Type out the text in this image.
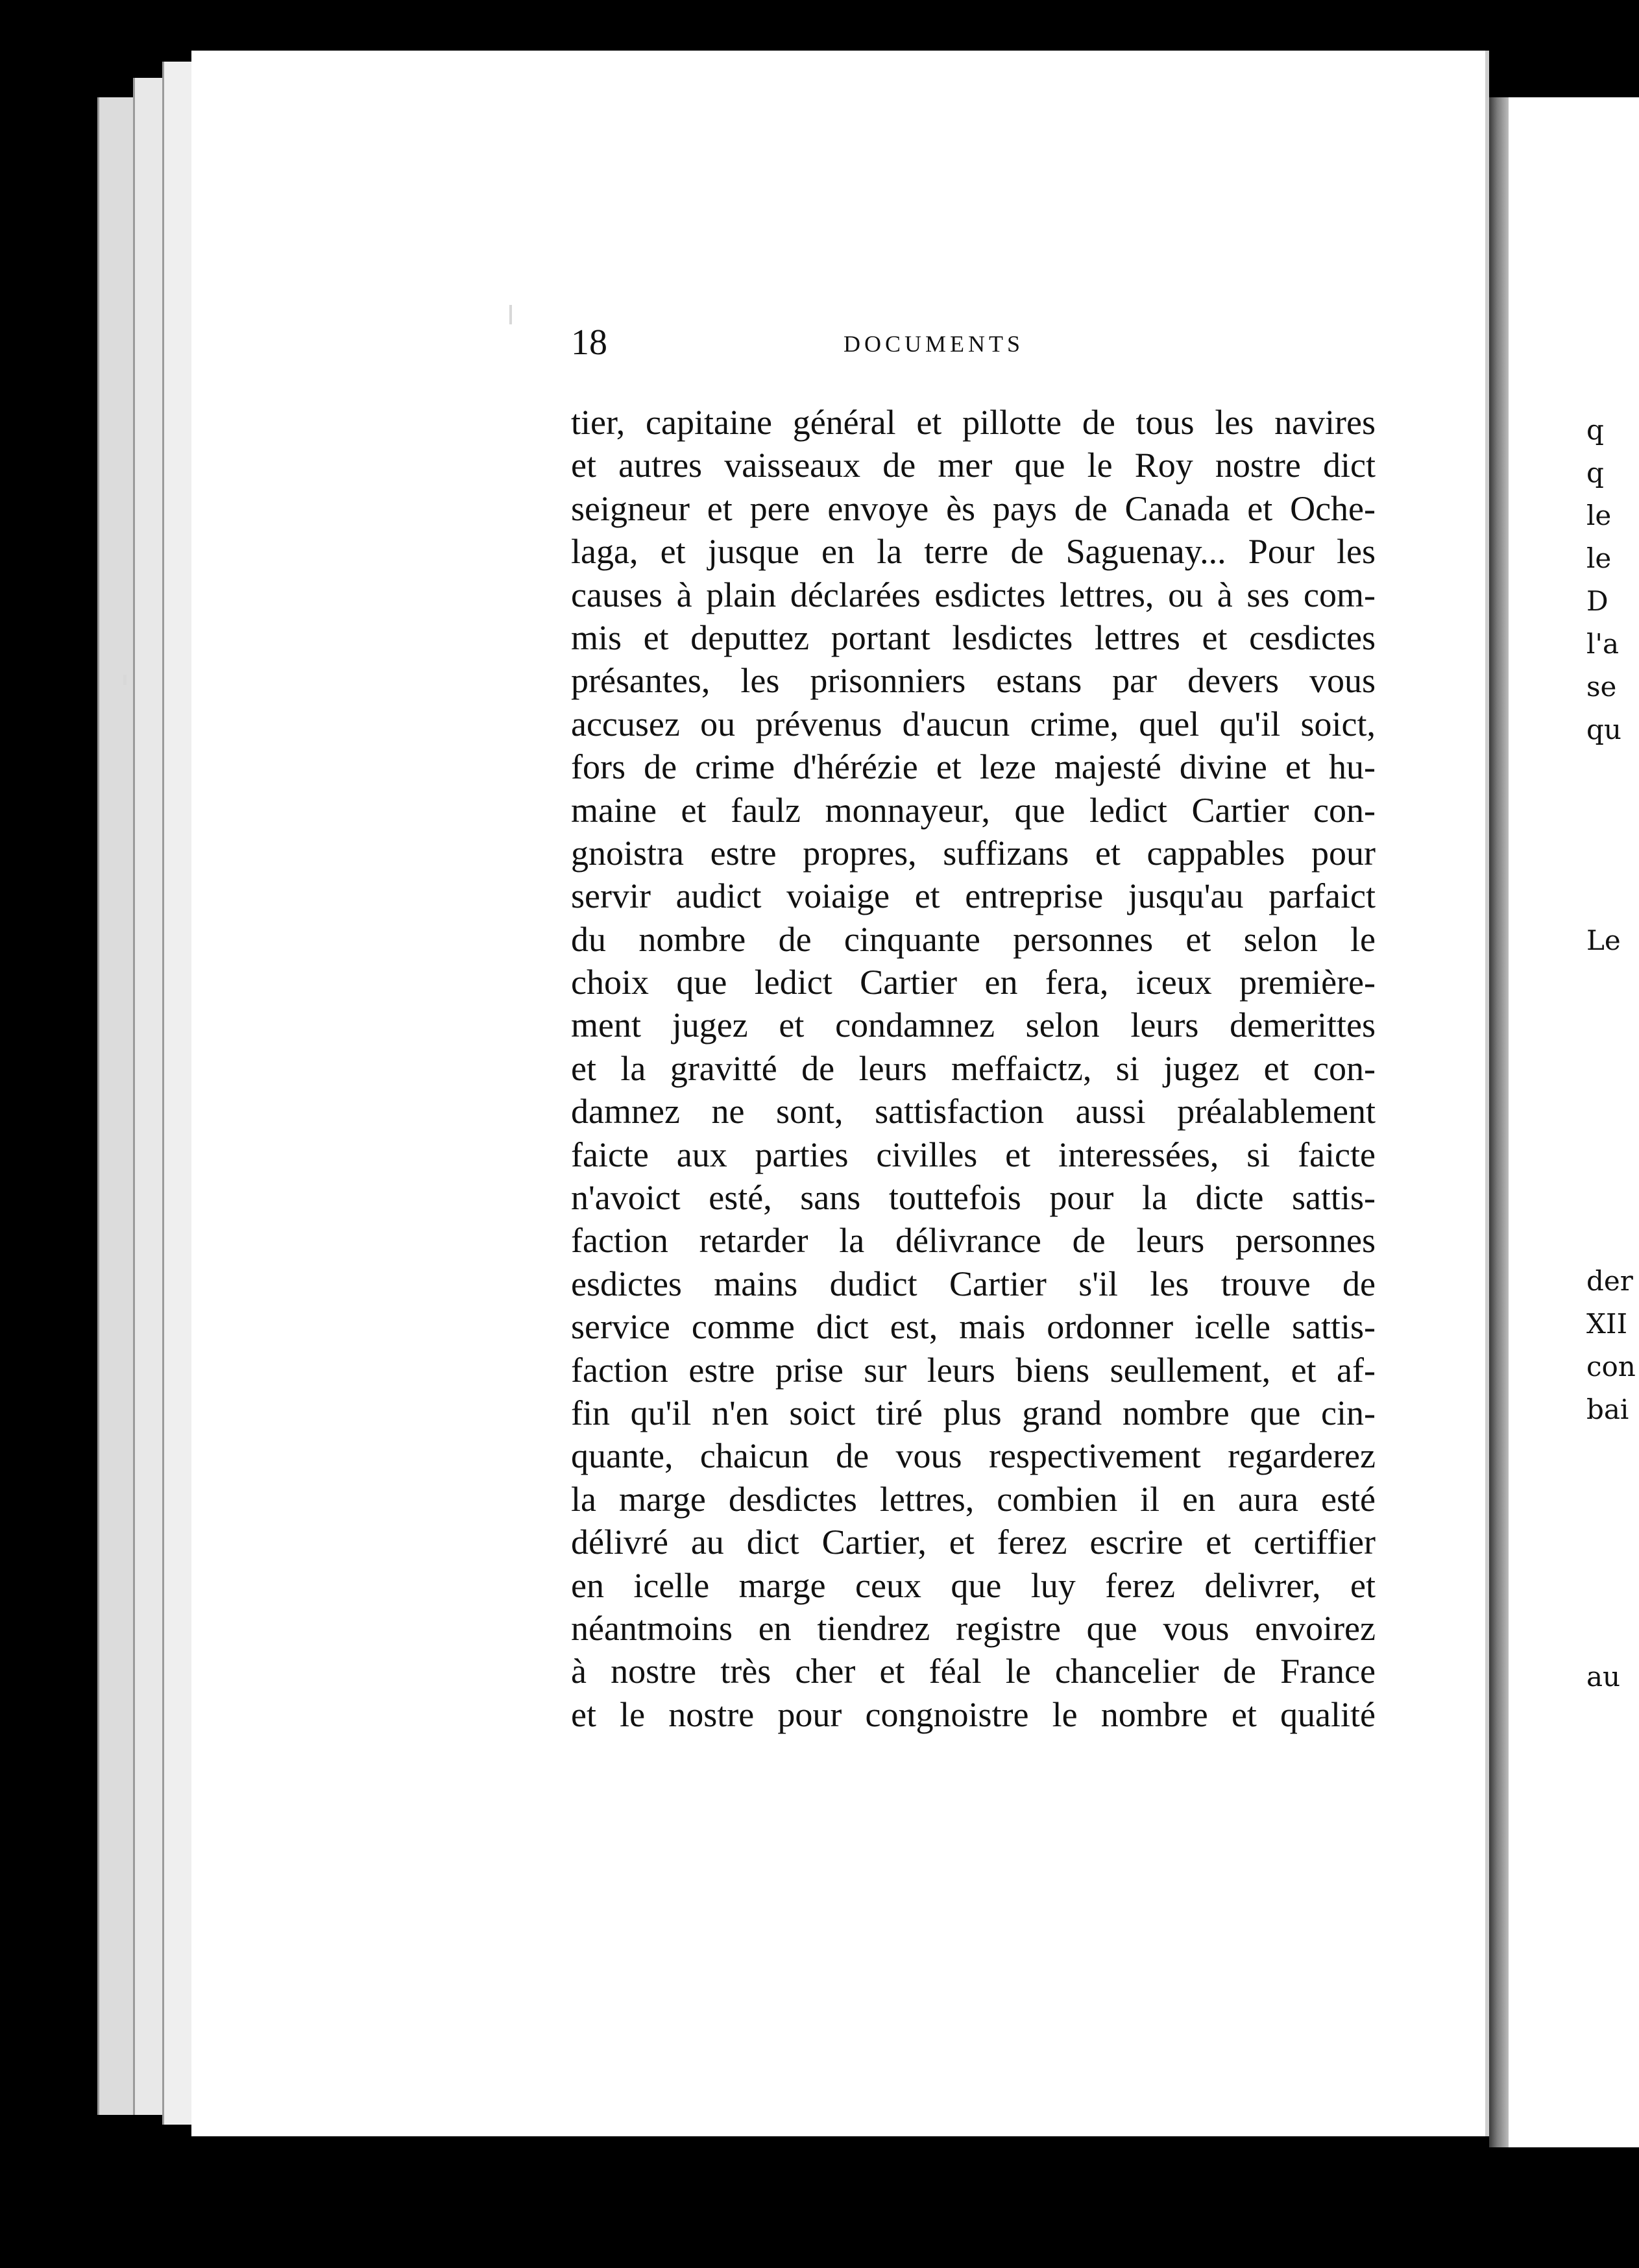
q
q
le
le
D
l'a
se
qu
Le
der
XII
con
bai
au
18	DOCUMENTS
tier, capitaine général et pillotte de tous les navires
et autres vaisseaux de mer que le Roy nostre dict
seigneur et pere envoye ès pays de Canada et Oche-
laga, et jusque en la terre de Saguenay... Pour les
causes à plain déclarées esdictes lettres, ou à ses com-
mis et deputtez portant lesdictes lettres et cesdictes
présantes, les prisonniers estans par devers vous
accusez ou prévenus d'aucun crime, quel qu'il soict,
fors de crime d'hérézie et leze majesté divine et hu-
maine et faulz monnayeur, que ledict Cartier con-
gnoistra estre propres, suffizans et cappables pour
servir audict voiaige et entreprise jusqu'au parfaict
du nombre de cinquante personnes et selon le
choix que ledict Cartier en fera, iceux première-
ment jugez et condamnez selon leurs demerittes
et la gravitté de leurs meffaictz, si jugez et con-
damnez ne sont, sattisfaction aussi préalablement
faicte aux parties civilles et interessées, si faicte
n'avoict esté, sans touttefois pour la dicte sattis-
faction retarder la délivrance de leurs personnes
esdictes mains dudict Cartier s'il les trouve de
service comme dict est, mais ordonner icelle sattis-
faction estre prise sur leurs biens seullement, et af-
fin qu'il n'en soict tiré plus grand nombre que cin-
quante, chaicun de vous respectivement regarderez
la marge desdictes lettres, combien il en aura esté
délivré au dict Cartier, et ferez escrire et certiffier
en icelle marge ceux que luy ferez delivrer, et
néantmoins en tiendrez registre que vous envoirez
à nostre très cher et féal le chancelier de France
et le nostre pour congnoistre le nombre et qualité
